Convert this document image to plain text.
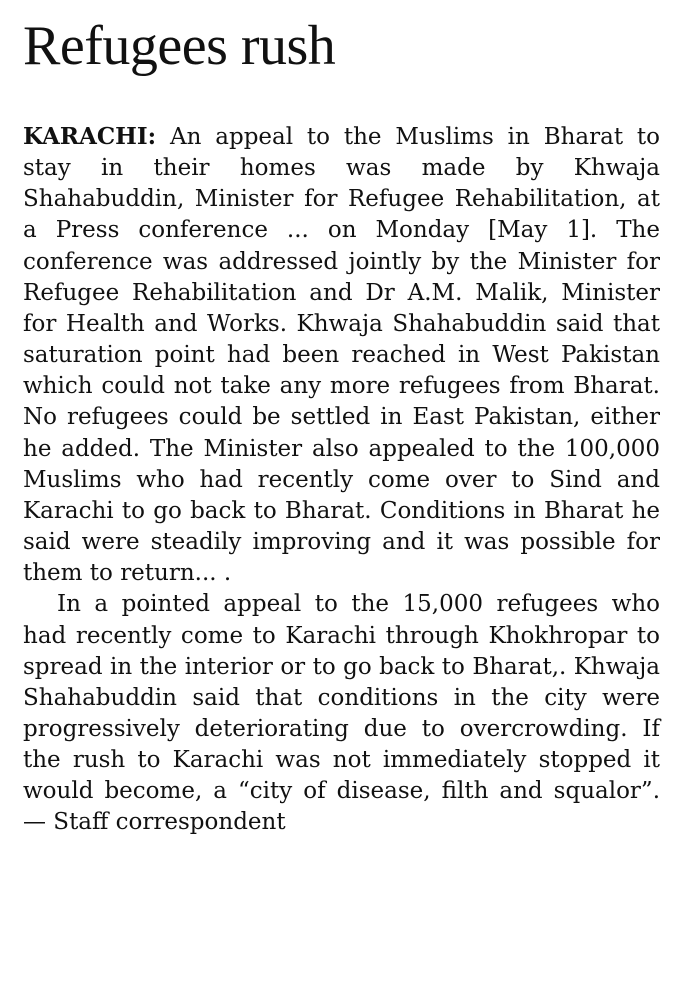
Refugees rush

KARACHI: An appeal to the Muslims in Bharat to stay in their homes was made by Khwaja Shahabuddin, Minister for Refugee Rehabilitation, at a Press conference ... on Monday [May 1]. The conference was addressed jointly by the Minister for Refugee Rehabilitation and Dr A.M. Malik, Minister for Health and Works. Khwaja Shahabuddin said that saturation point had been reached in West Pakistan which could not take any more refugees from Bharat. No refugees could be settled in East Pakistan, either he added. The Minister also appealed to the 100,000 Muslims who had recently come over to Sind and Karachi to go back to Bharat. Conditions in Bharat he said were steadily improving and it was possible for them to return... .

In a pointed appeal to the 15,000 refugees who had recently come to Karachi through Khokhropar to spread in the interior or to go back to Bharat,. Khwaja Shahabuddin said that conditions in the city were progressively deteriorating due to overcrowding. If the rush to Karachi was not immediately stopped it would become, a “city of disease, filth and squalor”. — Staff correspondent
